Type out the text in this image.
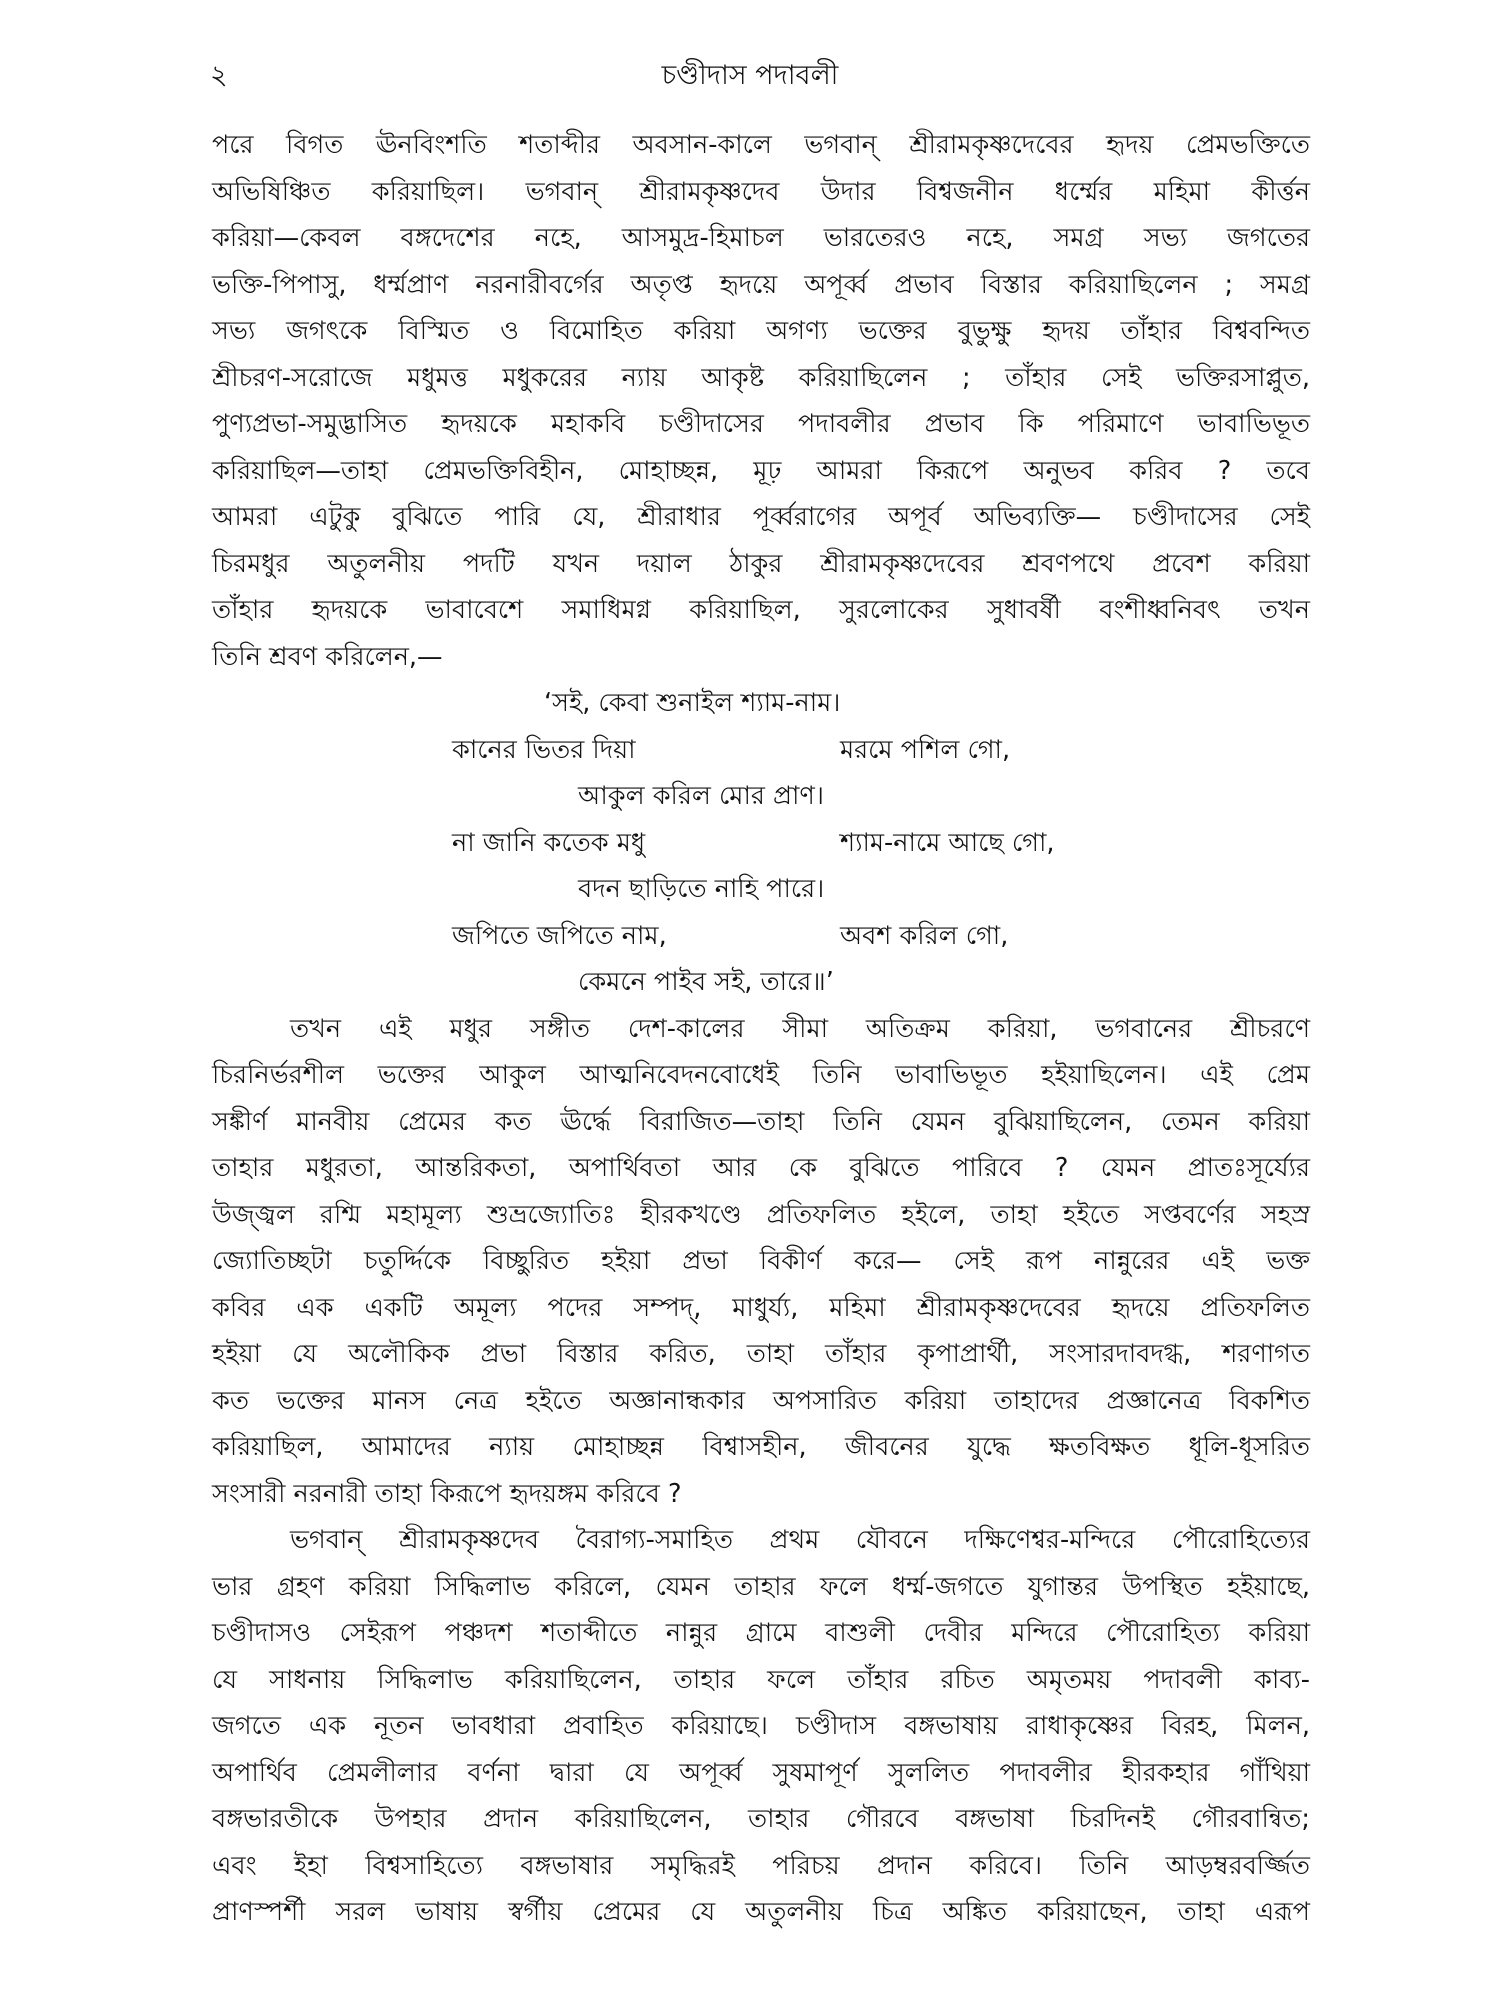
২	চণ্ডীদাস পদাবলী
পরে বিগত ঊনবিংশতি শতাব্দীর অবসান-কালে ভগবান্ শ্রীরামকৃষ্ণদেবের হৃদয় প্রেমভক্তিতে
অভিষিঞ্চিত করিয়াছিল। ভগবান্ শ্রীরামকৃষ্ণদেব উদার বিশ্বজনীন ধর্ম্মের মহিমা কীর্ত্তন
করিয়া—কেবল বঙ্গদেশের নহে, আসমুদ্র-হিমাচল ভারতেরও নহে, সমগ্র সভ্য জগতের
ভক্তি-পিপাসু, ধর্ম্মপ্রাণ নরনারীবর্গের অতৃপ্ত হৃদয়ে অপূর্ব্ব প্রভাব বিস্তার করিয়াছিলেন ; সমগ্র
সভ্য জগৎকে বিস্মিত ও বিমোহিত করিয়া অগণ্য ভক্তের বুভুক্ষু হৃদয় তাঁহার বিশ্ববন্দিত
শ্রীচরণ-সরোজে মধুমত্ত মধুকরের ন্যায় আকৃষ্ট করিয়াছিলেন ; তাঁহার সেই ভক্তিরসাপ্লুত,
পুণ্যপ্রভা-সমুদ্ভাসিত হৃদয়কে মহাকবি চণ্ডীদাসের পদাবলীর প্রভাব কি পরিমাণে ভাবাভিভূত
করিয়াছিল—তাহা প্রেমভক্তিবিহীন, মোহাচ্ছন্ন, মূঢ় আমরা কিরূপে অনুভব করিব ? তবে
আমরা এটুকু বুঝিতে পারি যে, শ্রীরাধার পূর্ব্বরাগের অপূর্ব অভিব্যক্তি— চণ্ডীদাসের সেই
চিরমধুর অতুলনীয় পদটি যখন দয়াল ঠাকুর শ্রীরামকৃষ্ণদেবের শ্রবণপথে প্রবেশ করিয়া
তাঁহার হৃদয়কে ভাবাবেশে সমাধিমগ্ন করিয়াছিল, সুরলোকের সুধাবর্ষী বংশীধ্বনিবৎ তখন
তিনি শ্রবণ করিলেন,—
‘সই, কেবা শুনাইল শ্যাম-নাম।
কানের ভিতর দিয়া	মরমে পশিল গো,
আকুল করিল মোর প্রাণ।
না জানি কতেক মধু	শ্যাম-নামে আছে গো,
বদন ছাড়িতে নাহি পারে।
জপিতে জপিতে নাম,	অবশ করিল গো,
কেমনে পাইব সই, তারে॥’
তখন এই মধুর সঙ্গীত দেশ-কালের সীমা অতিক্রম করিয়া, ভগবানের শ্রীচরণে
চিরনির্ভরশীল ভক্তের আকুল আত্মনিবেদনবোধেই তিনি ভাবাভিভূত হইয়াছিলেন। এই প্রেম
সঙ্কীর্ণ মানবীয় প্রেমের কত ঊর্দ্ধে বিরাজিত—তাহা তিনি যেমন বুঝিয়াছিলেন, তেমন করিয়া
তাহার মধুরতা, আন্তরিকতা, অপার্থিবতা আর কে বুঝিতে পারিবে ? যেমন প্রাতঃসূর্য্যের
উজ্জ্বল রশ্মি মহামূল্য শুভ্রজ্যোতিঃ হীরকখণ্ডে প্রতিফলিত হইলে, তাহা হইতে সপ্তবর্ণের সহস্র
জ্যোতিচ্ছটা চতুর্দ্দিকে বিচ্ছুরিত হইয়া প্রভা বিকীর্ণ করে— সেই রূপ নান্নুরের এই ভক্ত
কবির এক একটি অমূল্য পদের সম্পদ্, মাধুর্য্য, মহিমা শ্রীরামকৃষ্ণদেবের হৃদয়ে প্রতিফলিত
হইয়া যে অলৌকিক প্রভা বিস্তার করিত, তাহা তাঁহার কৃপাপ্রার্থী, সংসারদাবদগ্ধ, শরণাগত
কত ভক্তের মানস নেত্র হইতে অজ্ঞানান্ধকার অপসারিত করিয়া তাহাদের প্রজ্ঞানেত্র বিকশিত
করিয়াছিল, আমাদের ন্যায় মোহাচ্ছন্ন বিশ্বাসহীন, জীবনের যুদ্ধে ক্ষতবিক্ষত ধূলি-ধূসরিত
সংসারী নরনারী তাহা কিরূপে হৃদয়ঙ্গম করিবে ?
ভগবান্ শ্রীরামকৃষ্ণদেব বৈরাগ্য-সমাহিত প্রথম যৌবনে দক্ষিণেশ্বর-মন্দিরে পৌরোহিত্যের
ভার গ্রহণ করিয়া সিদ্ধিলাভ করিলে, যেমন তাহার ফলে ধর্ম্ম-জগতে যুগান্তর উপস্থিত হইয়াছে,
চণ্ডীদাসও সেইরূপ পঞ্চদশ শতাব্দীতে নান্নুর গ্রামে বাশুলী দেবীর মন্দিরে পৌরোহিত্য করিয়া
যে সাধনায় সিদ্ধিলাভ করিয়াছিলেন, তাহার ফলে তাঁহার রচিত অমৃতময় পদাবলী কাব্য-
জগতে এক নূতন ভাবধারা প্রবাহিত করিয়াছে। চণ্ডীদাস বঙ্গভাষায় রাধাকৃষ্ণের বিরহ, মিলন,
অপার্থিব প্রেমলীলার বর্ণনা দ্বারা যে অপূর্ব্ব সুষমাপূর্ণ সুললিত পদাবলীর হীরকহার গাঁথিয়া
বঙ্গভারতীকে উপহার প্রদান করিয়াছিলেন, তাহার গৌরবে বঙ্গভাষা চিরদিনই গৌরবান্বিত;
এবং ইহা বিশ্বসাহিত্যে বঙ্গভাষার সমৃদ্ধিরই পরিচয় প্রদান করিবে। তিনি আড়ম্বরবর্জ্জিত
প্রাণস্পর্শী সরল ভাষায় স্বর্গীয় প্রেমের যে অতুলনীয় চিত্র অঙ্কিত করিয়াছেন, তাহা এরূপ
